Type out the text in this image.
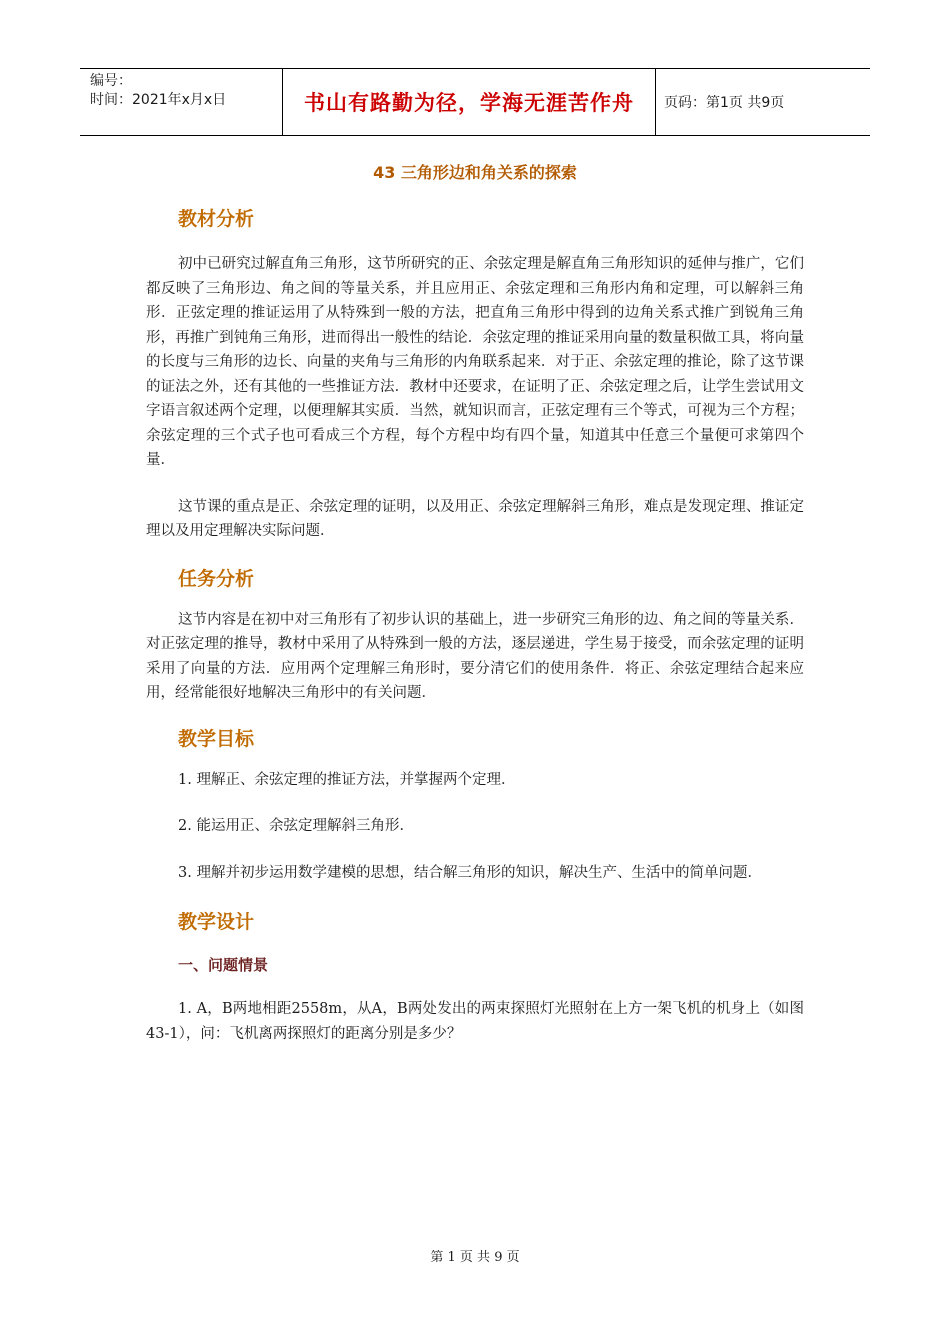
编号：
时间：2021年x月x日	书山有路勤为径，学海无涯苦作舟	页码：第1页 共9页
43 三角形边和角关系的探索
教材分析

初中已研究过解直角三角形，这节所研究的正、余弦定理是解直角三角形知识的延伸与推广，它们都反映了三角形边、角之间的等量关系，并且应用正、余弦定理和三角形内角和定理，可以解斜三角形．正弦定理的推证运用了从特殊到一般的方法，把直角三角形中得到的边角关系式推广到锐角三角形，再推广到钝角三角形，进而得出一般性的结论．余弦定理的推证采用向量的数量积做工具，将向量的长度与三角形的边长、向量的夹角与三角形的内角联系起来．对于正、余弦定理的推论，除了这节课的证法之外，还有其他的一些推证方法．教材中还要求，在证明了正、余弦定理之后，让学生尝试用文字语言叙述两个定理，以便理解其实质．当然，就知识而言，正弦定理有三个等式，可视为三个方程；余弦定理的三个式子也可看成三个方程，每个方程中均有四个量，知道其中任意三个量便可求第四个量．

这节课的重点是正、余弦定理的证明，以及用正、余弦定理解斜三角形，难点是发现定理、推证定理以及用定理解决实际问题．

任务分析

这节内容是在初中对三角形有了初步认识的基础上，进一步研究三角形的边、角之间的等量关系．对正弦定理的推导，教材中采用了从特殊到一般的方法，逐层递进，学生易于接受，而余弦定理的证明采用了向量的方法．应用两个定理解三角形时，要分清它们的使用条件．将正、余弦定理结合起来应用，经常能很好地解决三角形中的有关问题．

教学目标

1. 理解正、余弦定理的推证方法，并掌握两个定理．

2. 能运用正、余弦定理解斜三角形．

3. 理解并初步运用数学建模的思想，结合解三角形的知识，解决生产、生活中的简单问题．

教学设计
一、问题情景

1. A，B两地相距2558m，从A，B两处发出的两束探照灯光照射在上方一架飞机的机身上（如图43-1），问：飞机离两探照灯的距离分别是多少？

第 1 页 共 9 页
